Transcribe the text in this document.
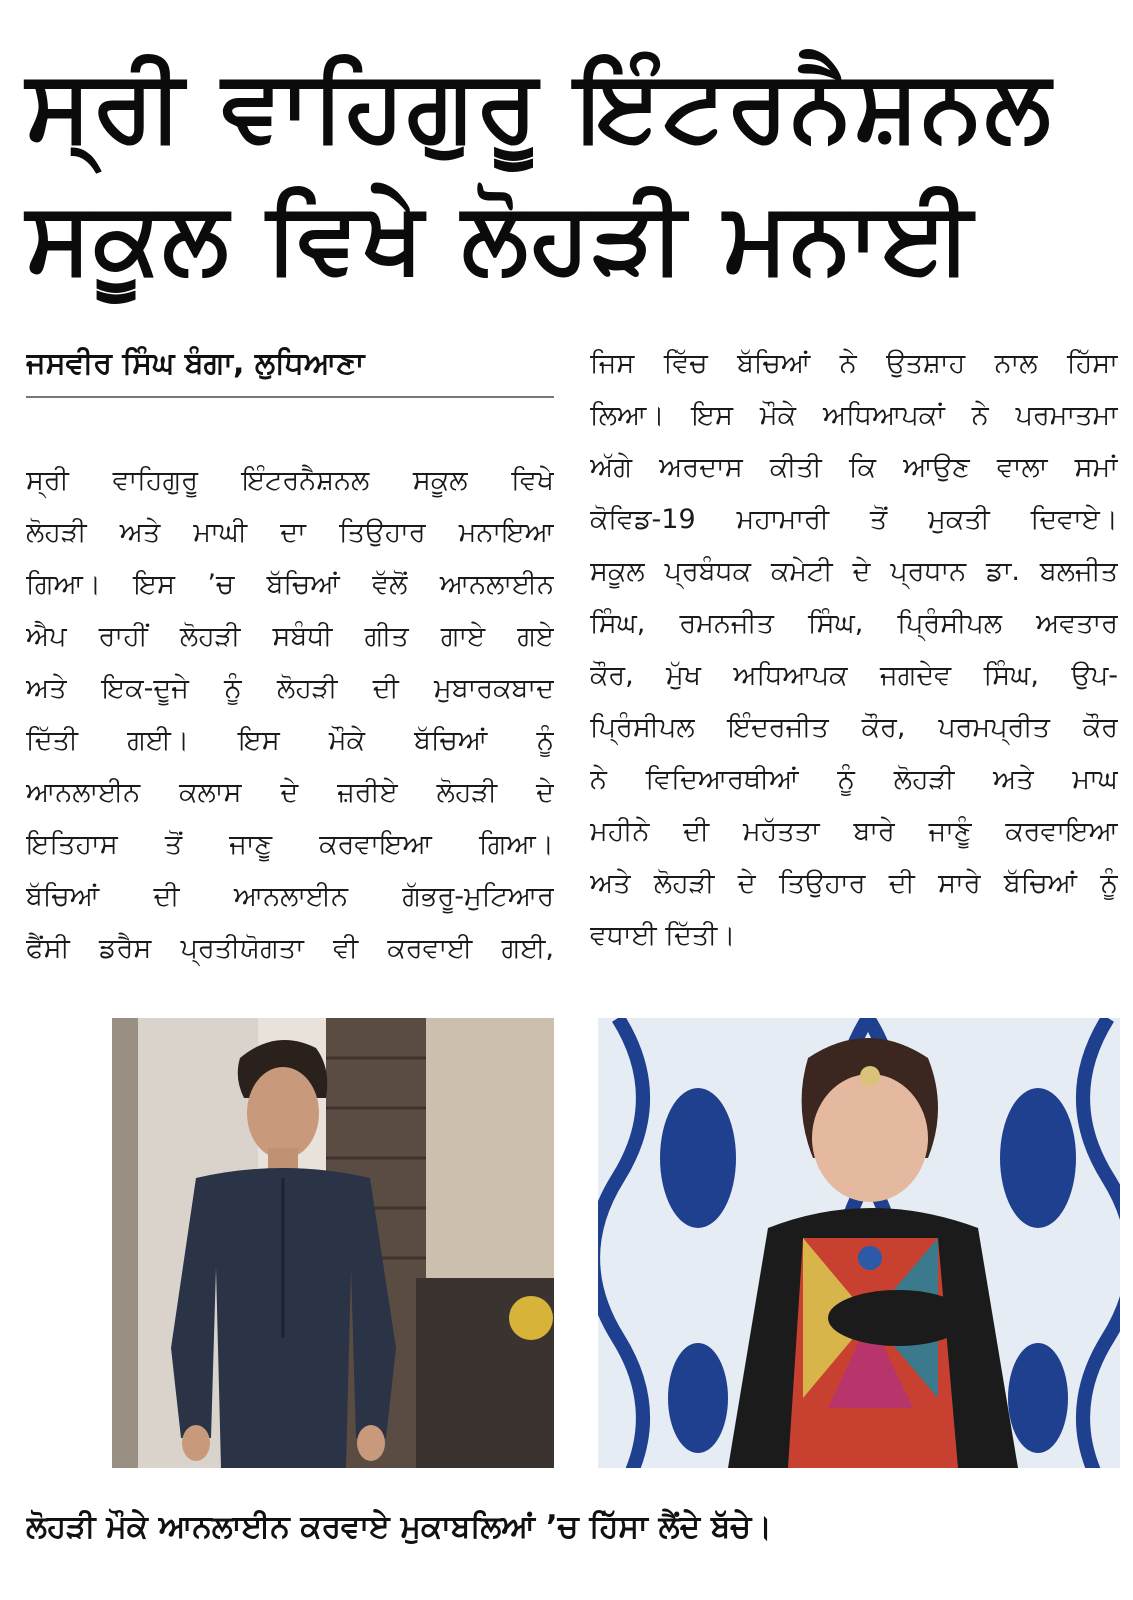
ਸ੍ਰੀ ਵਾਹਿਗੁਰੂ ਇੰਟਰਨੈਸ਼ਨਲ
ਸਕੂਲ ਵਿਖੇ ਲੋਹੜੀ ਮਨਾਈ
ਜਸਵੀਰ ਸਿੰਘ ਬੰਗਾ, ਲੁਧਿਆਣਾ
ਸ੍ਰੀ ਵਾਹਿਗੁਰੂ ਇੰਟਰਨੈਸ਼ਨਲ ਸਕੂਲ ਵਿਖੇ
ਲੋਹੜੀ ਅਤੇ ਮਾਘੀ ਦਾ ਤਿਉਹਾਰ ਮਨਾਇਆ
ਗਿਆ। ਇਸ ’ਚ ਬੱਚਿਆਂ ਵੱਲੋਂ ਆਨਲਾਈਨ
ਐਪ ਰਾਹੀਂ ਲੋਹੜੀ ਸਬੰਧੀ ਗੀਤ ਗਾਏ ਗਏ
ਅਤੇ ਇਕ-ਦੂਜੇ ਨੂੰ ਲੋਹੜੀ ਦੀ ਮੁਬਾਰਕਬਾਦ
ਦਿੱਤੀ ਗਈ। ਇਸ ਮੌਕੇ ਬੱਚਿਆਂ ਨੂੰ
ਆਨਲਾਈਨ ਕਲਾਸ ਦੇ ਜ਼ਰੀਏ ਲੋਹੜੀ ਦੇ
ਇਤਿਹਾਸ ਤੋਂ ਜਾਣੂ ਕਰਵਾਇਆ ਗਿਆ।
ਬੱਚਿਆਂ ਦੀ ਆਨਲਾਈਨ ਗੱਭਰੂ-ਮੁਟਿਆਰ
ਫੈਂਸੀ ਡਰੈਸ ਪ੍ਰਤੀਯੋਗਤਾ ਵੀ ਕਰਵਾਈ ਗਈ,
ਜਿਸ ਵਿੱਚ ਬੱਚਿਆਂ ਨੇ ਉਤਸ਼ਾਹ ਨਾਲ ਹਿੱਸਾ
ਲਿਆ। ਇਸ ਮੌਕੇ ਅਧਿਆਪਕਾਂ ਨੇ ਪਰਮਾਤਮਾ
ਅੱਗੇ ਅਰਦਾਸ ਕੀਤੀ ਕਿ ਆਉਣ ਵਾਲਾ ਸਮਾਂ
ਕੋਵਿਡ-19 ਮਹਾਮਾਰੀ ਤੋਂ ਮੁਕਤੀ ਦਿਵਾਏ।
ਸਕੂਲ ਪ੍ਰਬੰਧਕ ਕਮੇਟੀ ਦੇ ਪ੍ਰਧਾਨ ਡਾ. ਬਲਜੀਤ
ਸਿੰਘ, ਰਮਨਜੀਤ ਸਿੰਘ, ਪ੍ਰਿੰਸੀਪਲ ਅਵਤਾਰ
ਕੌਰ, ਮੁੱਖ ਅਧਿਆਪਕ ਜਗਦੇਵ ਸਿੰਘ, ਉਪ-
ਪ੍ਰਿੰਸੀਪਲ ਇੰਦਰਜੀਤ ਕੌਰ, ਪਰਮਪ੍ਰੀਤ ਕੌਰ
ਨੇ ਵਿਦਿਆਰਥੀਆਂ ਨੂੰ ਲੋਹੜੀ ਅਤੇ ਮਾਘ
ਮਹੀਨੇ ਦੀ ਮਹੱਤਤਾ ਬਾਰੇ ਜਾਣੂੰ ਕਰਵਾਇਆ
ਅਤੇ ਲੋਹੜੀ ਦੇ ਤਿਉਹਾਰ ਦੀ ਸਾਰੇ ਬੱਚਿਆਂ ਨੂੰ
ਵਧਾਈ ਦਿੱਤੀ।
ਲੋਹੜੀ ਮੌਕੇ ਆਨਲਾਈਨ ਕਰਵਾਏ ਮੁਕਾਬਲਿਆਂ ’ਚ ਹਿੱਸਾ ਲੈਂਦੇ ਬੱਚੇ।
